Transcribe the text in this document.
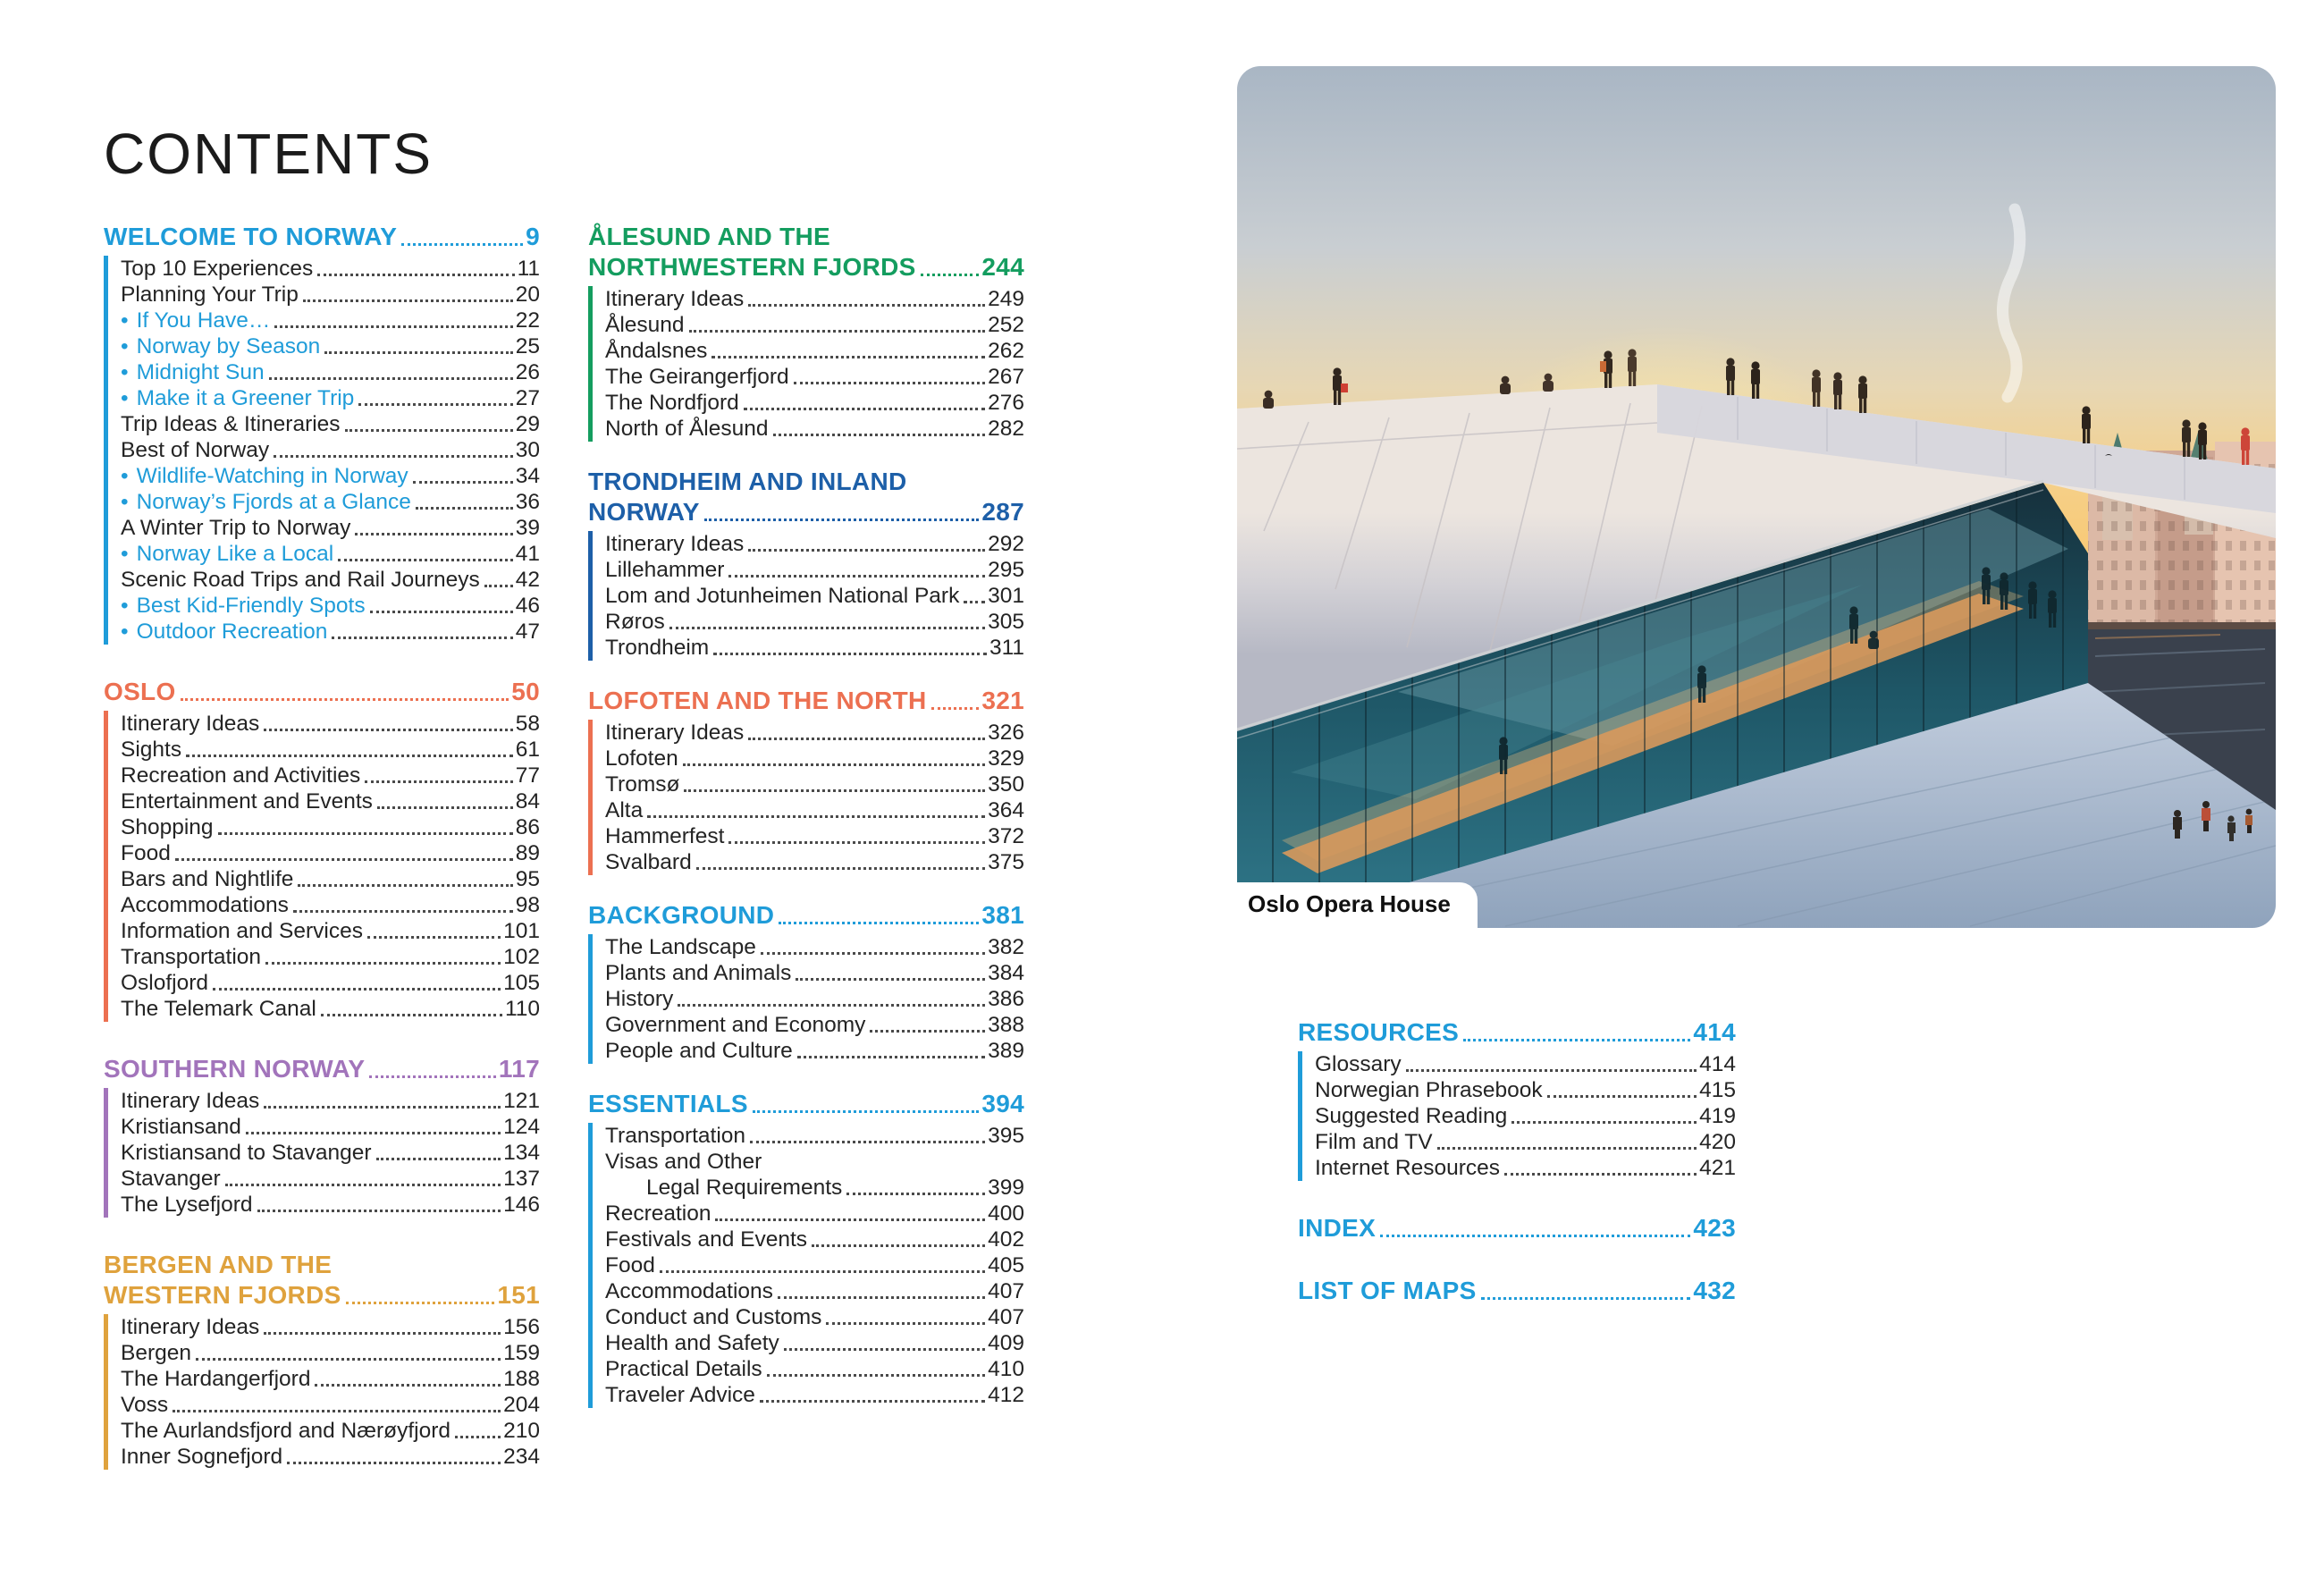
CONTENTS
WELCOME TO NORWAY	9
Top 10 Experiences	11
Planning Your Trip	20
• If You Have…	22
• Norway by Season	25
• Midnight Sun	26
• Make it a Greener Trip	27
Trip Ideas & Itineraries	29
Best of Norway	30
• Wildlife-Watching in Norway	34
• Norway’s Fjords at a Glance	36
A Winter Trip to Norway	39
• Norway Like a Local	41
Scenic Road Trips and Rail Journeys 42
• Best Kid-Friendly Spots	46
• Outdoor Recreation	47
OSLO	50
Itinerary Ideas	58
Sights	61
Recreation and Activities	77
Entertainment and Events	84
Shopping	86
Food	89
Bars and Nightlife	95
Accommodations	98
Information and Services	101
Transportation	102
Oslofjord	105
The Telemark Canal	110
SOUTHERN NORWAY	117
Itinerary Ideas	121
Kristiansand	124
Kristiansand to Stavanger	134
Stavanger	137
The Lysefjord	146
BERGEN AND THE
WESTERN FJORDS	151
Itinerary Ideas	156
Bergen	159
The Hardangerfjord	188
Voss	204
The Aurlandsfjord and Nærøyfjord 210
Inner Sognefjord	234
ÅLESUND AND THE
NORTHWESTERN FJORDS	244
Itinerary Ideas	249
Ålesund	252
Åndalsnes	262
The Geirangerfjord	267
The Nordfjord	276
North of Ålesund	282
TRONDHEIM AND INLAND
NORWAY	287
Itinerary Ideas	292
Lillehammer	295
Lom and Jotunheimen National Park 301
Røros	305
Trondheim	311
LOFOTEN AND THE NORTH 321
Itinerary Ideas	326
Lofoten	329
Tromsø	350
Alta	364
Hammerfest	372
Svalbard	375
BACKGROUND	381
The Landscape	382
Plants and Animals	384
History	386
Government and Economy	388
People and Culture	389
ESSENTIALS	394
Transportation	395
Visas and Other
Legal Requirements	399
Recreation	400
Festivals and Events	402
Food	405
Accommodations	407
Conduct and Customs	407
Health and Safety	409
Practical Details	410
Traveler Advice	412
RESOURCES	414
Glossary	414
Norwegian Phrasebook	415
Suggested Reading	419
Film and TV	420
Internet Resources	421
INDEX	423
LIST OF MAPS	432
Oslo Opera House
